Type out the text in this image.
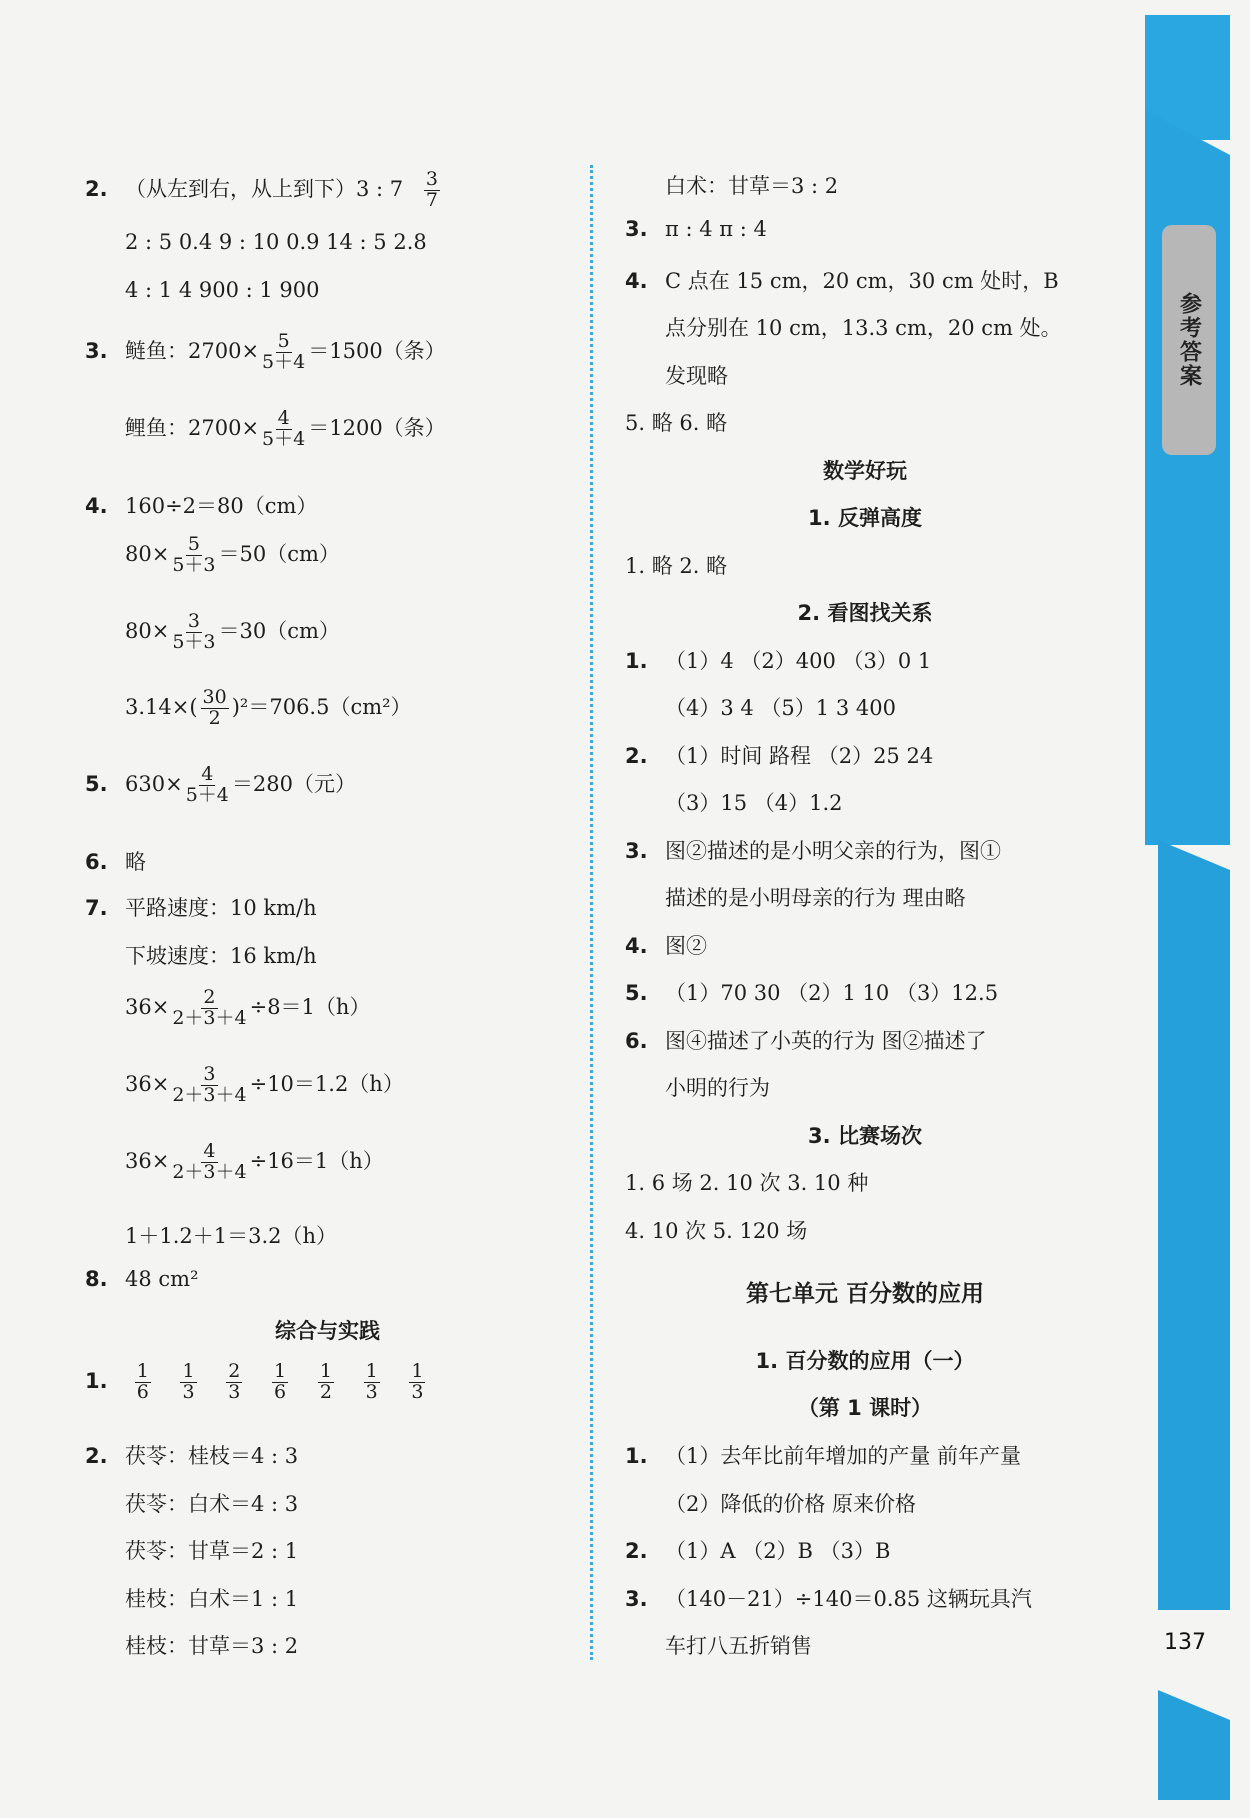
参考答案
137
2. （从左到右，从上到下）3 : $7 \frac{3}{7}$
2 : 5 0.4 9 : 10 0.9 14 : 5 2.8
4 : 1 4 900 : 1 900
3. 鲢鱼：$2700\times \frac{5}{5+4} =1500$（条）
鲤鱼：$2700\times \frac{4}{5+4} =1200$（条）
4. 160÷2＝80（cm）
$80\times \frac{5}{5+3} =50(cm)$
$80\times \frac{3}{5+3} =30(cm)$
$3.14\times( \frac{30}{2} )^2=706.5(cm^2)$
5. $630\times \frac{4}{5+4} =280$（元）
6. 略
7. 平路速度：10 km/h
下坡速度：16 km/h
$36\times \frac{2}{2+3+4} \div 8=1(h)$
$36\times \frac{3}{2+3+4} \div 10=1.2(h)$
$36\times \frac{4}{2+3+4} \div 16=1(h)$
1＋1.2＋1＝3.2（h）
8. 48 cm²
综合与实践
1. $\frac{1}{6}$
$\frac{1}{3}$
$\frac{2}{3}$
$\frac{1}{6}$
$\frac{1}{2}$
$\frac{1}{3}$
$\frac{1}{3}$
2. 茯苓：桂枝＝4 : 3
茯苓：白术＝4 : 3
茯苓：甘草＝2 : 1
桂枝：白术＝1 : 1
桂枝：甘草＝3 : 2
白术：甘草＝3 : 2
3. π : 4 π : 4
4. C 点在 15 cm，20 cm，30 cm 处时，B
点分别在 10 cm，13.3 cm，20 cm 处。
发现略
5. 略 6. 略
数学好玩
1. 反弹高度
1. 略 2. 略
2. 看图找关系
1. （1）4 （2）400 （3）0 1
（4）3 4 （5）1 3 400
2. （1）时间 路程 （2）25 24
（3）15 （4）1.2
3. 图②描述的是小明父亲的行为，图①
描述的是小明母亲的行为 理由略
4. 图②
5. （1）70 30 （2）1 10 （3）12.5
6. 图④描述了小英的行为 图②描述了
小明的行为
3. 比赛场次
1. 6 场 2. 10 次 3. 10 种
4. 10 次 5. 120 场
第七单元 百分数的应用
1. 百分数的应用（一）
（第 1 课时）
1. （1）去年比前年增加的产量 前年产量
（2）降低的价格 原来价格
2. （1）A （2）B （3）B
3. （140－21）÷140＝0.85 这辆玩具汽
车打八五折销售
